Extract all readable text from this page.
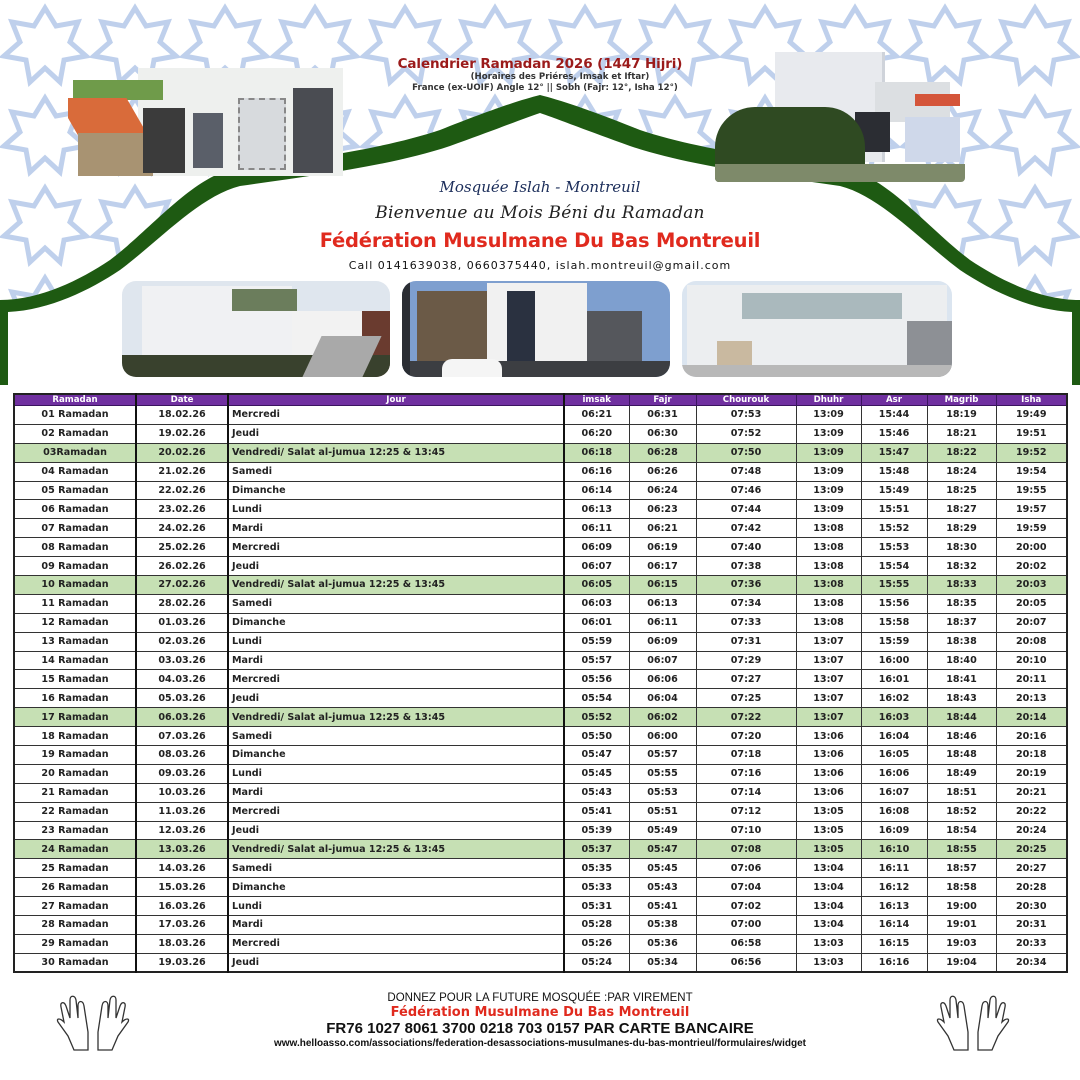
Calendrier Ramadan 2026 (1447 Hijri)
(Horaires des Priéres, Imsak et Iftar)
France (ex-UOIF) Angle 12° || Sobh (Fajr: 12°, Isha 12°)
Mosquée Islah - Montreuil
Bienvenue au Mois Béni du Ramadan
Fédération Musulmane Du Bas Montreuil
Call 0141639038, 0660375440, islah.montreuil@gmail.com
Ramadan	Date	Jour	imsak	Fajr	Chourouk	Dhuhr	Asr	Magrib	Isha
01 Ramadan	18.02.26	Mercredi	06:21	06:31	07:53	13:09	15:44	18:19	19:49
02 Ramadan	19.02.26	Jeudi	06:20	06:30	07:52	13:09	15:46	18:21	19:51
03Ramadan	20.02.26	Vendredi/ Salat al-jumua 12:25 & 13:45	06:18	06:28	07:50	13:09	15:47	18:22	19:52
04 Ramadan	21.02.26	Samedi	06:16	06:26	07:48	13:09	15:48	18:24	19:54
05 Ramadan	22.02.26	Dimanche	06:14	06:24	07:46	13:09	15:49	18:25	19:55
06 Ramadan	23.02.26	Lundi	06:13	06:23	07:44	13:09	15:51	18:27	19:57
07 Ramadan	24.02.26	Mardi	06:11	06:21	07:42	13:08	15:52	18:29	19:59
08 Ramadan	25.02.26	Mercredi	06:09	06:19	07:40	13:08	15:53	18:30	20:00
09 Ramadan	26.02.26	Jeudi	06:07	06:17	07:38	13:08	15:54	18:32	20:02
10 Ramadan	27.02.26	Vendredi/ Salat al-jumua 12:25 & 13:45	06:05	06:15	07:36	13:08	15:55	18:33	20:03
11 Ramadan	28.02.26	Samedi	06:03	06:13	07:34	13:08	15:56	18:35	20:05
12 Ramadan	01.03.26	Dimanche	06:01	06:11	07:33	13:08	15:58	18:37	20:07
13 Ramadan	02.03.26	Lundi	05:59	06:09	07:31	13:07	15:59	18:38	20:08
14 Ramadan	03.03.26	Mardi	05:57	06:07	07:29	13:07	16:00	18:40	20:10
15 Ramadan	04.03.26	Mercredi	05:56	06:06	07:27	13:07	16:01	18:41	20:11
16 Ramadan	05.03.26	Jeudi	05:54	06:04	07:25	13:07	16:02	18:43	20:13
17 Ramadan	06.03.26	Vendredi/ Salat al-jumua 12:25 & 13:45	05:52	06:02	07:22	13:07	16:03	18:44	20:14
18 Ramadan	07.03.26	Samedi	05:50	06:00	07:20	13:06	16:04	18:46	20:16
19 Ramadan	08.03.26	Dimanche	05:47	05:57	07:18	13:06	16:05	18:48	20:18
20 Ramadan	09.03.26	Lundi	05:45	05:55	07:16	13:06	16:06	18:49	20:19
21 Ramadan	10.03.26	Mardi	05:43	05:53	07:14	13:06	16:07	18:51	20:21
22 Ramadan	11.03.26	Mercredi	05:41	05:51	07:12	13:05	16:08	18:52	20:22
23 Ramadan	12.03.26	Jeudi	05:39	05:49	07:10	13:05	16:09	18:54	20:24
24 Ramadan	13.03.26	Vendredi/ Salat al-jumua 12:25 & 13:45	05:37	05:47	07:08	13:05	16:10	18:55	20:25
25 Ramadan	14.03.26	Samedi	05:35	05:45	07:06	13:04	16:11	18:57	20:27
26 Ramadan	15.03.26	Dimanche	05:33	05:43	07:04	13:04	16:12	18:58	20:28
27 Ramadan	16.03.26	Lundi	05:31	05:41	07:02	13:04	16:13	19:00	20:30
28 Ramadan	17.03.26	Mardi	05:28	05:38	07:00	13:04	16:14	19:01	20:31
29 Ramadan	18.03.26	Mercredi	05:26	05:36	06:58	13:03	16:15	19:03	20:33
30 Ramadan	19.03.26	Jeudi	05:24	05:34	06:56	13:03	16:16	19:04	20:34
DONNEZ POUR LA FUTURE MOSQUÉE :PAR VIREMENT
Fédération Musulmane Du Bas Montreuil
FR76 1027 8061 3700 0218 703 0157 PAR CARTE BANCAIRE
www.helloasso.com/associations/federation-desassociations-musulmanes-du-bas-montrieul/formulaires/widget
